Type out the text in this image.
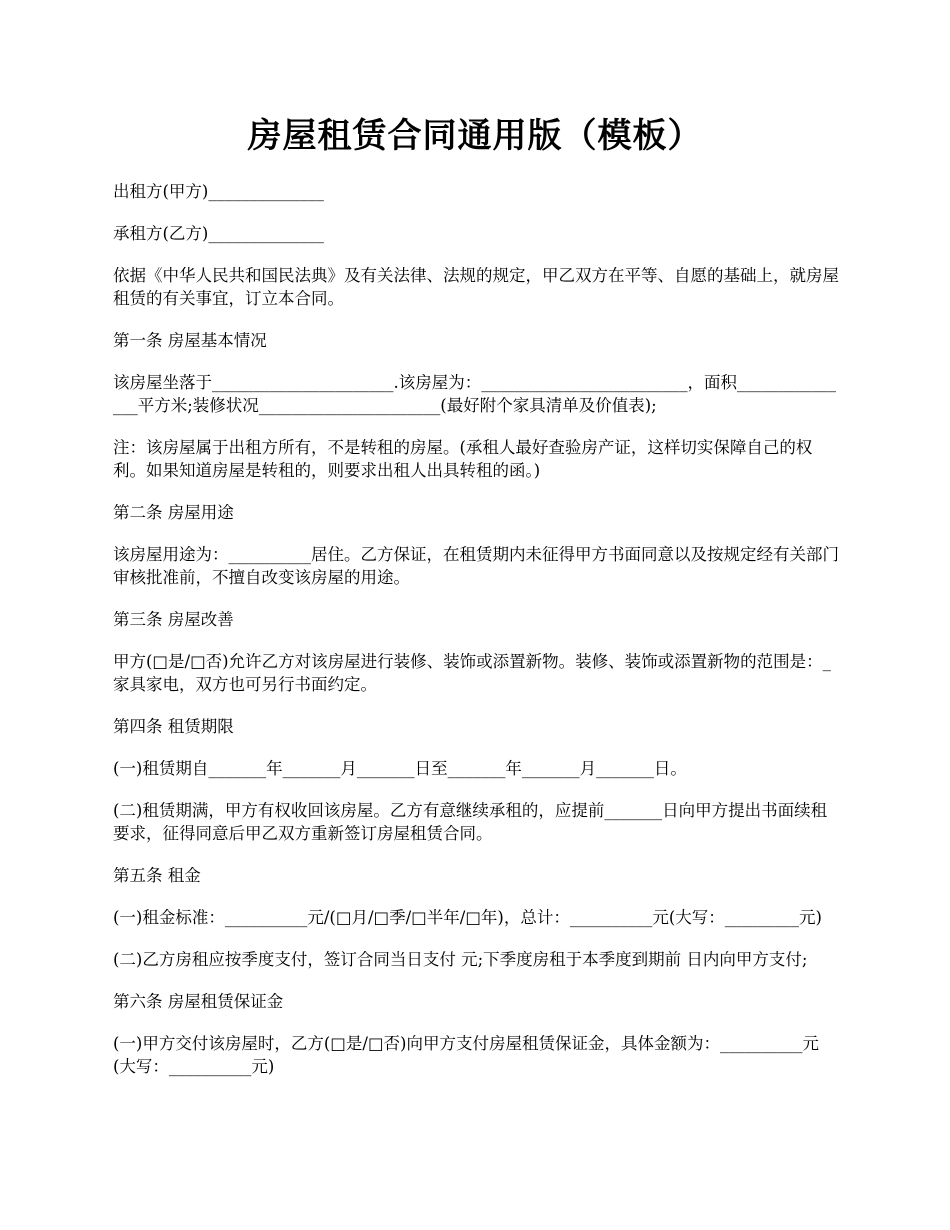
房屋租赁合同通用版（模板）

出租方(甲方)______________

承租方(乙方)______________

依据《中华人民共和国民法典》及有关法律、法规的规定，甲乙双方在平等、自愿的基础上，就房屋租赁的有关事宜，订立本合同。

第一条 房屋基本情况

该房屋坐落于______________________.该房屋为：_________________________，面积_______________平方米;装修状况______________________(最好附个家具清单及价值表);

注：该房屋属于出租方所有，不是转租的房屋。(承租人最好查验房产证，这样切实保障自己的权利。如果知道房屋是转租的，则要求出租人出具转租的函。)

第二条 房屋用途

该房屋用途为：__________居住。乙方保证，在租赁期内未征得甲方书面同意以及按规定经有关部门审核批准前，不擅自改变该房屋的用途。

第三条 房屋改善

甲方(□是/□否)允许乙方对该房屋进行装修、装饰或添置新物。装修、装饰或添置新物的范围是：_家具家电，双方也可另行书面约定。

第四条 租赁期限

(一)租赁期自_______年_______月_______日至_______年_______月_______日。

(二)租赁期满，甲方有权收回该房屋。乙方有意继续承租的，应提前_______日向甲方提出书面续租要求，征得同意后甲乙双方重新签订房屋租赁合同。

第五条 租金

(一)租金标准：__________元/(□月/□季/□半年/□年)，总计：__________元(大写：_________元)

(二)乙方房租应按季度支付，签订合同当日支付 元;下季度房租于本季度到期前 日内向甲方支付;

第六条 房屋租赁保证金

(一)甲方交付该房屋时，乙方(□是/□否)向甲方支付房屋租赁保证金，具体金额为：__________元(大写：__________元)
